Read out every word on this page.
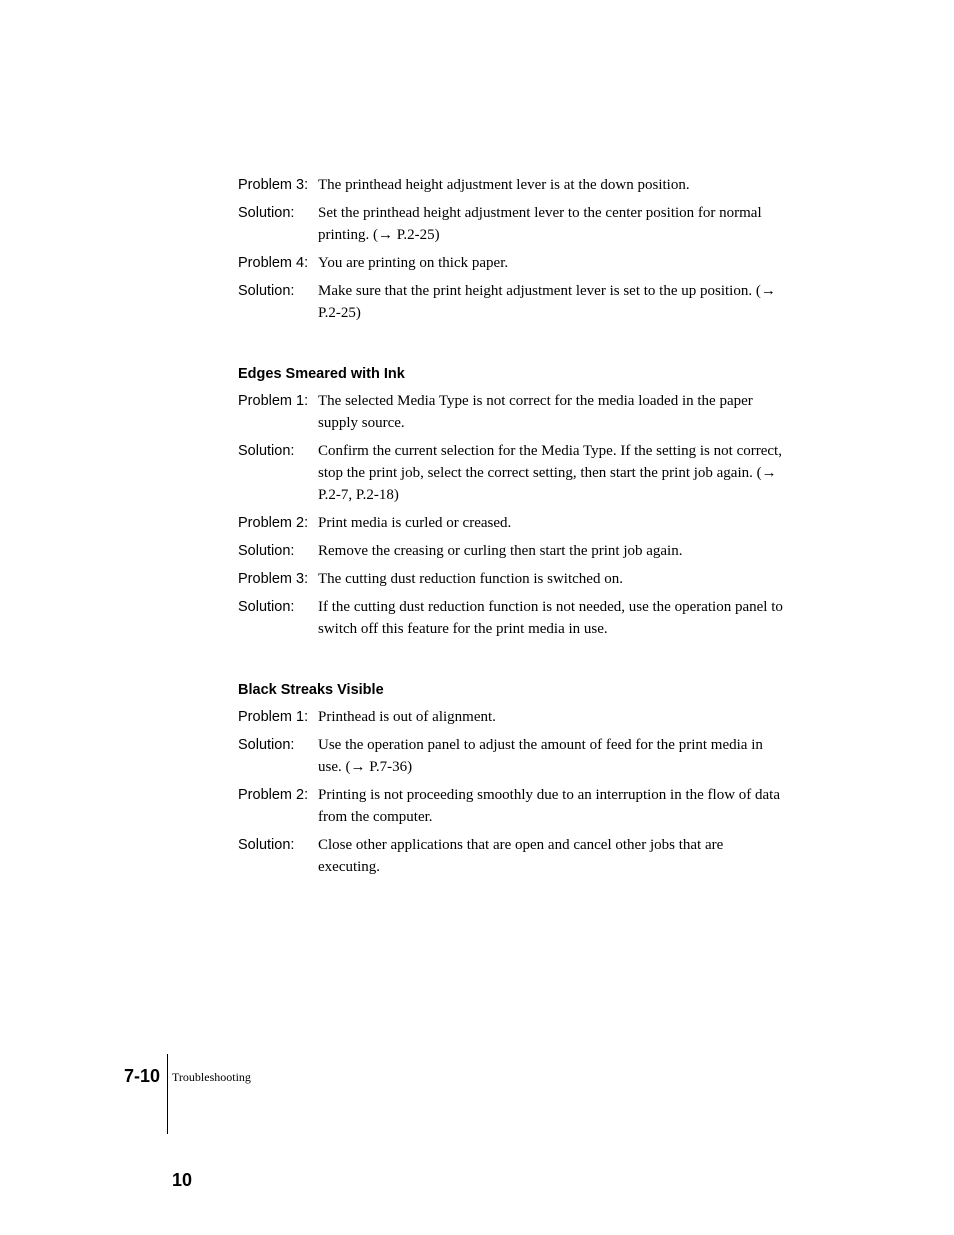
Problem 3: The printhead height adjustment lever is at the down position.
Solution:	Set the printhead height adjustment lever to the center position for normal printing. (→ P.2-25)
Problem 4: You are printing on thick paper.
Solution:	Make sure that the print height adjustment lever is set to the up position. (→ P.2-25)
Edges Smeared with Ink
Problem 1: The selected Media Type is not correct for the media loaded in the paper supply source.
Solution:	Confirm the current selection for the Media Type. If the setting is not correct, stop the print job, select the correct setting, then start the print job again. (→ P.2-7, P.2-18)
Problem 2: Print media is curled or creased.
Solution:	Remove the creasing or curling then start the print job again.
Problem 3: The cutting dust reduction function is switched on.
Solution:	If the cutting dust reduction function is not needed, use the operation panel to switch off this feature for the print media in use.
Black Streaks Visible
Problem 1: Printhead is out of alignment.
Solution:	Use the operation panel to adjust the amount of feed for the print media in use. (→ P.7-36)
Problem 2: Printing is not proceeding smoothly due to an interruption in the flow of data from the computer.
Solution:	Close other applications that are open and cancel other jobs that are executing.
7-10 Troubleshooting
10
